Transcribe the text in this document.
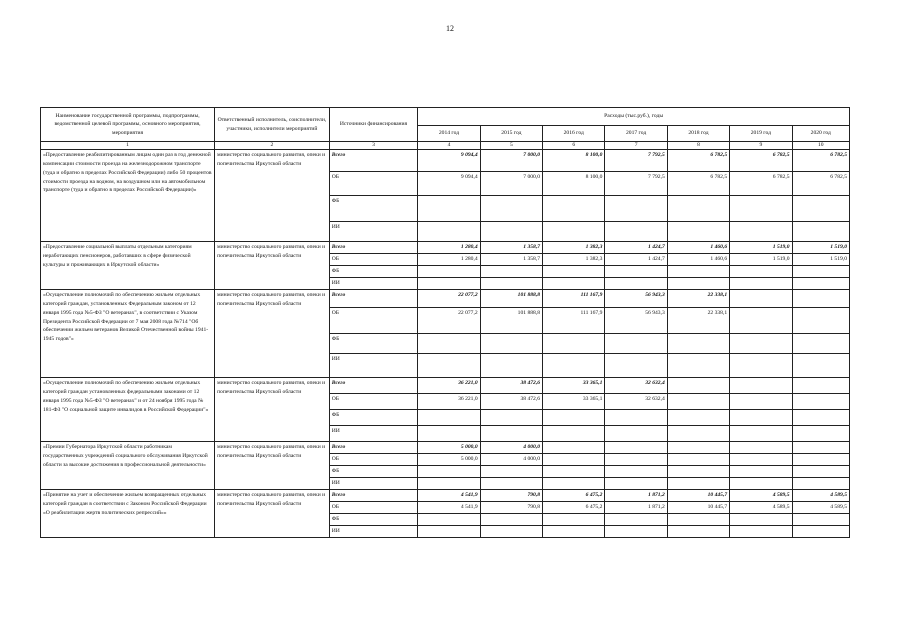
12
Наименование государственной программы, подпрограммы, ведомственной целевой программы, основного мероприятия, мероприятия	Ответственный исполнитель, соисполнители, участники, исполнители мероприятий	Источники финансирования	Расходы (тыс.руб.), годы						
			2014 год	2015 год	2016 год	2017 год	2018 год	2019 год	2020 год
1	2	3	4	5	6	7	8	9	10
«Предоставление реабилитированным лицам один раз в год денежной компенсации стоимости проезда на железнодорожном транспорте (туда и обратно в пределах Российской Федерации) либо 50 процентов стоимости проезда на водном, на воздушном или на автомобильном транспорте (туда и обратно в пределах Российской Федерации)»	министерство социального развития, опеки и попечительства Иркутской области	Всего	9 094,4	7 000,0	8 100,0	7 792,5	6 782,5	6 782,5	6 782,5
		ОБ	9 094,4	7 000,0	8 100,0	7 792,5	6 782,5	6 782,5	6 782,5
		ФБ							
		ИИ							
«Предоставление социальной выплаты отдельным категориям неработающих пенсионеров, работавших в сфере физической культуры и проживающих в Иркутской области»	министерство социального развития, опеки и попечительства Иркутской области	Всего	1 280,4	1 358,7	1 382,3	1 424,7	1 460,6	1 519,0	1 519,0
		ОБ	1 280,4	1 358,7	1 382,3	1 424,7	1 460,6	1 519,0	1 519,0
		ФБ							
		ИИ							
«Осуществление полномочий по обеспечению жильем отдельных категорий граждан, установленных Федеральным законом от 12 января 1995 года №5-ФЗ "О ветеранах", в соответствии с Указом Президента Российской Федерации от 7 мая 2008 года №714 "Об обеспечении жильем ветеранов Великой Отечественной войны 1941-1945 годов"»	министерство социального развития, опеки и попечительства Иркутской области	Всего	22 077,2	101 888,8	111 167,9	56 943,3	22 338,1		
		ОБ	22 077,2	101 888,8	111 167,9	56 943,3	22 338,1		
		ФБ							
		ИИ							
«Осуществление полномочий по обеспечению жильем отдельных категорий граждан установленных федеральными законами от 12 января 1995 года №5-ФЗ "О ветеранах" и от 24 ноября 1995 года № 181-ФЗ "О социальной защите инвалидов в Российской Федерации"»	министерство социального развития, опеки и попечительства Иркутской области	Всего	36 221,0	38 472,6	33 365,1	32 632,4			
		ОБ	36 221,0	38 472,6	33 365,1	32 632,4			
		ФБ							
		ИИ							
«Премии Губернатора Иркутской области работникам государственных учреждений социального обслуживания Иркутской области за высокие достижения в профессиональной деятельности»	министерство социального развития, опеки и попечительства Иркутской области	Всего	5 000,0	4 000,0					
		ОБ	5 000,0	4 000,0					
		ФБ							
		ИИ							
«Принятие на учет и обеспечение жильем возвращенных отдельных категорий граждан в соответствии с Законом Российской Федерации «О реабилитации жертв политических репрессий»»	министерство социального развития, опеки и попечительства Иркутской области	Всего	4 541,9	790,8	6 475,2	1 871,2	10 445,7	4 589,5	4 589,5
		ОБ	4 541,9	790,8	6 475,2	1 871,2	10 445,7	4 589,5	4 589,5
		ФБ							
		ИИ							
